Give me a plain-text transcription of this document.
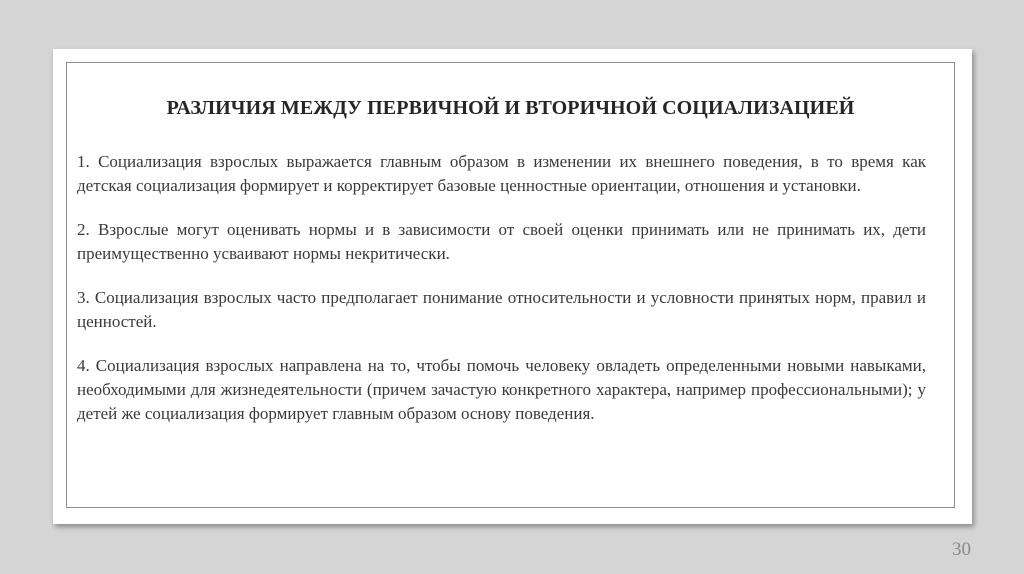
РАЗЛИЧИЯ МЕЖДУ ПЕРВИЧНОЙ И ВТОРИЧНОЙ СОЦИАЛИЗАЦИЕЙ

1. Социализация взрослых выражается главным образом в изменении их внешнего поведения, в то время как детская социализация формирует и корректирует базовые ценностные ориентации, отношения и установки.

2. Взрослые могут оценивать нормы и в зависимости от своей оценки принимать или не принимать их, дети преимущественно усваивают нормы некритически.

3. Социализация взрослых часто предполагает понимание относительности и условности принятых норм, правил и ценностей.

4. Социализация взрослых направлена на то, чтобы помочь человеку овладеть определенными новыми навыками, необходимыми для жизнедеятельности (причем зачастую конкретного характера, например профессиональными); у детей же социализация формирует главным образом основу поведения.

30
